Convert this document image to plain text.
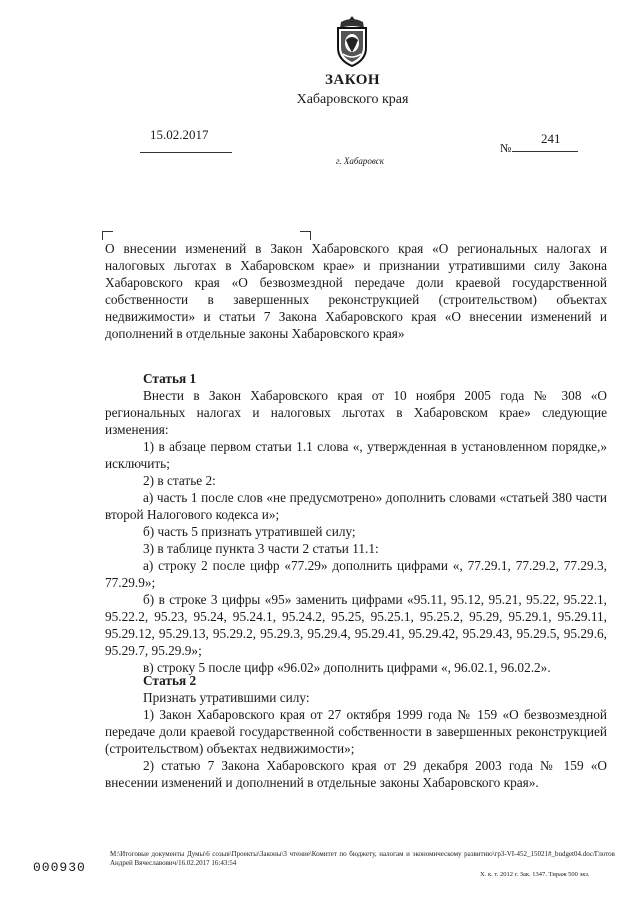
ЗАКОН
Хабаровского края
15.02.2017
№
241
г. Хабаровск
О внесении изменений в Закон Хабаровского края «О региональных налогах и налоговых льготах в Хабаровском крае» и признании утратившими силу Закона Хабаровского края «О безвозмездной передаче доли краевой государственной собственности в завершенных реконструкцией (строительством) объектах недвижимости» и статьи 7 Закона Хабаровского края «О внесении изменений и дополнений в отдельные законы Хабаровского края»

Статья 1

Внести в Закон Хабаровского края от 10 ноября 2005 года № 308 «О региональных налогах и налоговых льготах в Хабаровском крае» следующие изменения:

1) в абзаце первом статьи 1.1 слова «, утвержденная в установленном порядке,» исключить;

2) в статье 2:

а) часть 1 после слов «не предусмотрено» дополнить словами «статьей 380 части второй Налогового кодекса и»;

б) часть 5 признать утратившей силу;

3) в таблице пункта 3 части 2 статьи 11.1:

а) строку 2 после цифр «77.29» дополнить цифрами «, 77.29.1, 77.29.2, 77.29.3, 77.29.9»;

б) в строке 3 цифры «95» заменить цифрами «95.11, 95.12, 95.21, 95.22, 95.22.1, 95.22.2, 95.23, 95.24, 95.24.1, 95.24.2, 95.25, 95.25.1, 95.25.2, 95.29, 95.29.1, 95.29.11, 95.29.12, 95.29.13, 95.29.2, 95.29.3, 95.29.4, 95.29.41, 95.29.42, 95.29.43, 95.29.5, 95.29.6, 95.29.7, 95.29.9»;

в) строку 5 после цифр «96.02» дополнить цифрами «, 96.02.1, 96.02.2».

Статья 2

Признать утратившими силу:

1) Закон Хабаровского края от 27 октября 1999 года № 159 «О безвозмездной передаче доли краевой государственной собственности в завершенных реконструкцией (строительством) объектах недвижимости»;

2) статью 7 Закона Хабаровского края от 29 декабря 2003 года № 159 «О внесении изменений и дополнений в отдельные законы Хабаровского края».

М:\Итоговые документы Думы\6 созыв\Проекты\Законы\3 чтение\Комитет по бюджету, налогам и экономическому развитию\гр3-VI-452_15021#_budget04.doc/Глотов Андрей Вячеславович/16.02.2017 16:43:54
000930	Х. к. т. 2012 г. Зак. 1347. Тираж 500 экз.
